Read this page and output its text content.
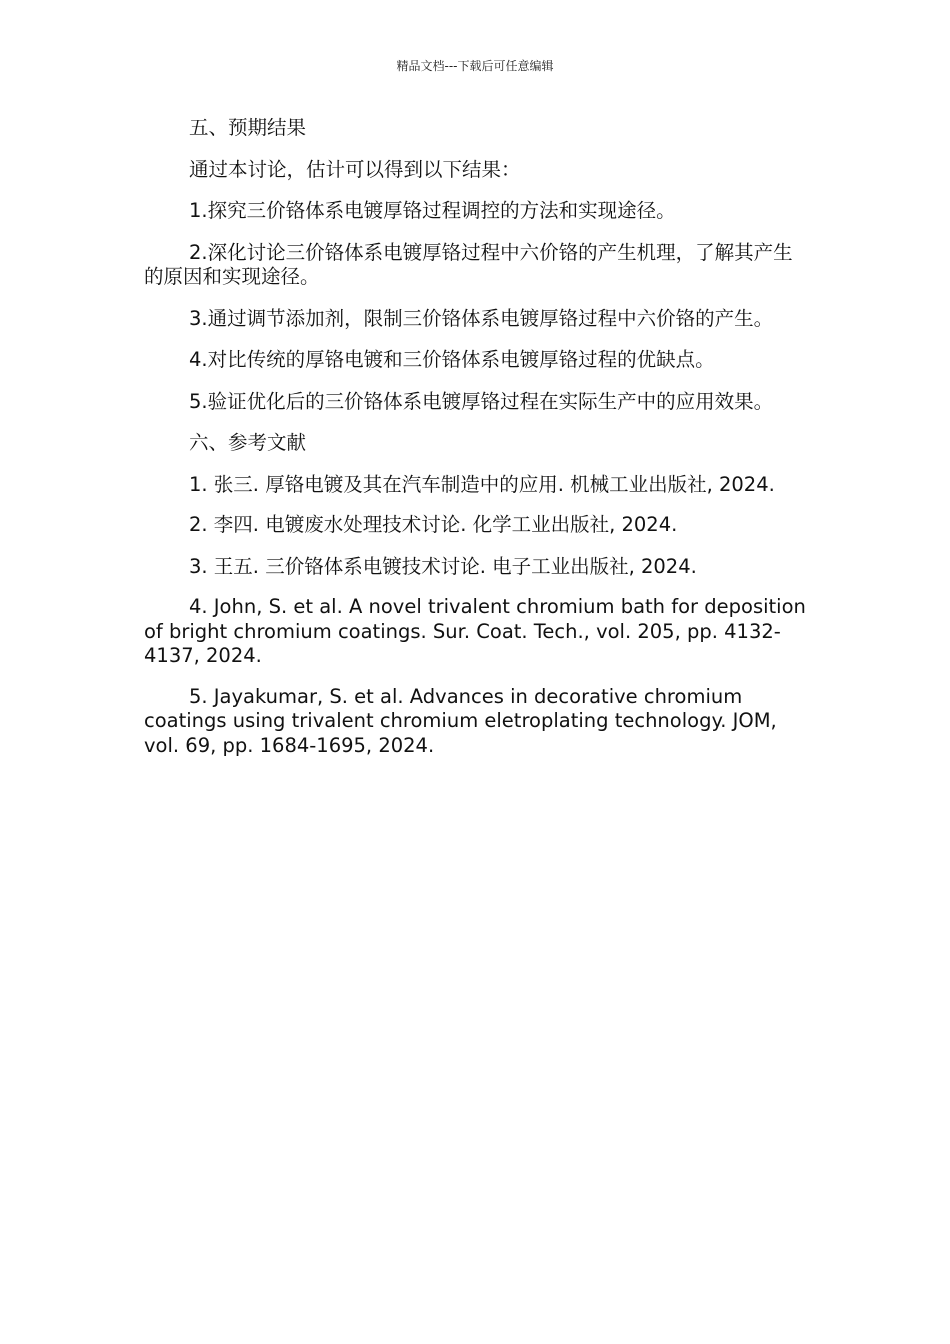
精品文档---下载后可任意编辑

五、预期结果

通过本讨论，估计可以得到以下结果：

1.探究三价铬体系电镀厚铬过程调控的方法和实现途径。

2.深化讨论三价铬体系电镀厚铬过程中六价铬的产生机理，了解其产生的原因和实现途径。

3.通过调节添加剂，限制三价铬体系电镀厚铬过程中六价铬的产生。

4.对比传统的厚铬电镀和三价铬体系电镀厚铬过程的优缺点。

5.验证优化后的三价铬体系电镀厚铬过程在实际生产中的应用效果。

六、参考文献

1. 张三. 厚铬电镀及其在汽车制造中的应用. 机械工业出版社, 2024.

2. 李四. 电镀废水处理技术讨论. 化学工业出版社, 2024.

3. 王五. 三价铬体系电镀技术讨论. 电子工业出版社, 2024.

4. John, S. et al. A novel trivalent chromium bath for deposition of bright chromium coatings. Sur. Coat. Tech., vol. 205, pp. 4132-4137, 2024.

5. Jayakumar, S. et al. Advances in decorative chromium coatings using trivalent chromium eletroplating technology. JOM, vol. 69, pp. 1684-1695, 2024.
